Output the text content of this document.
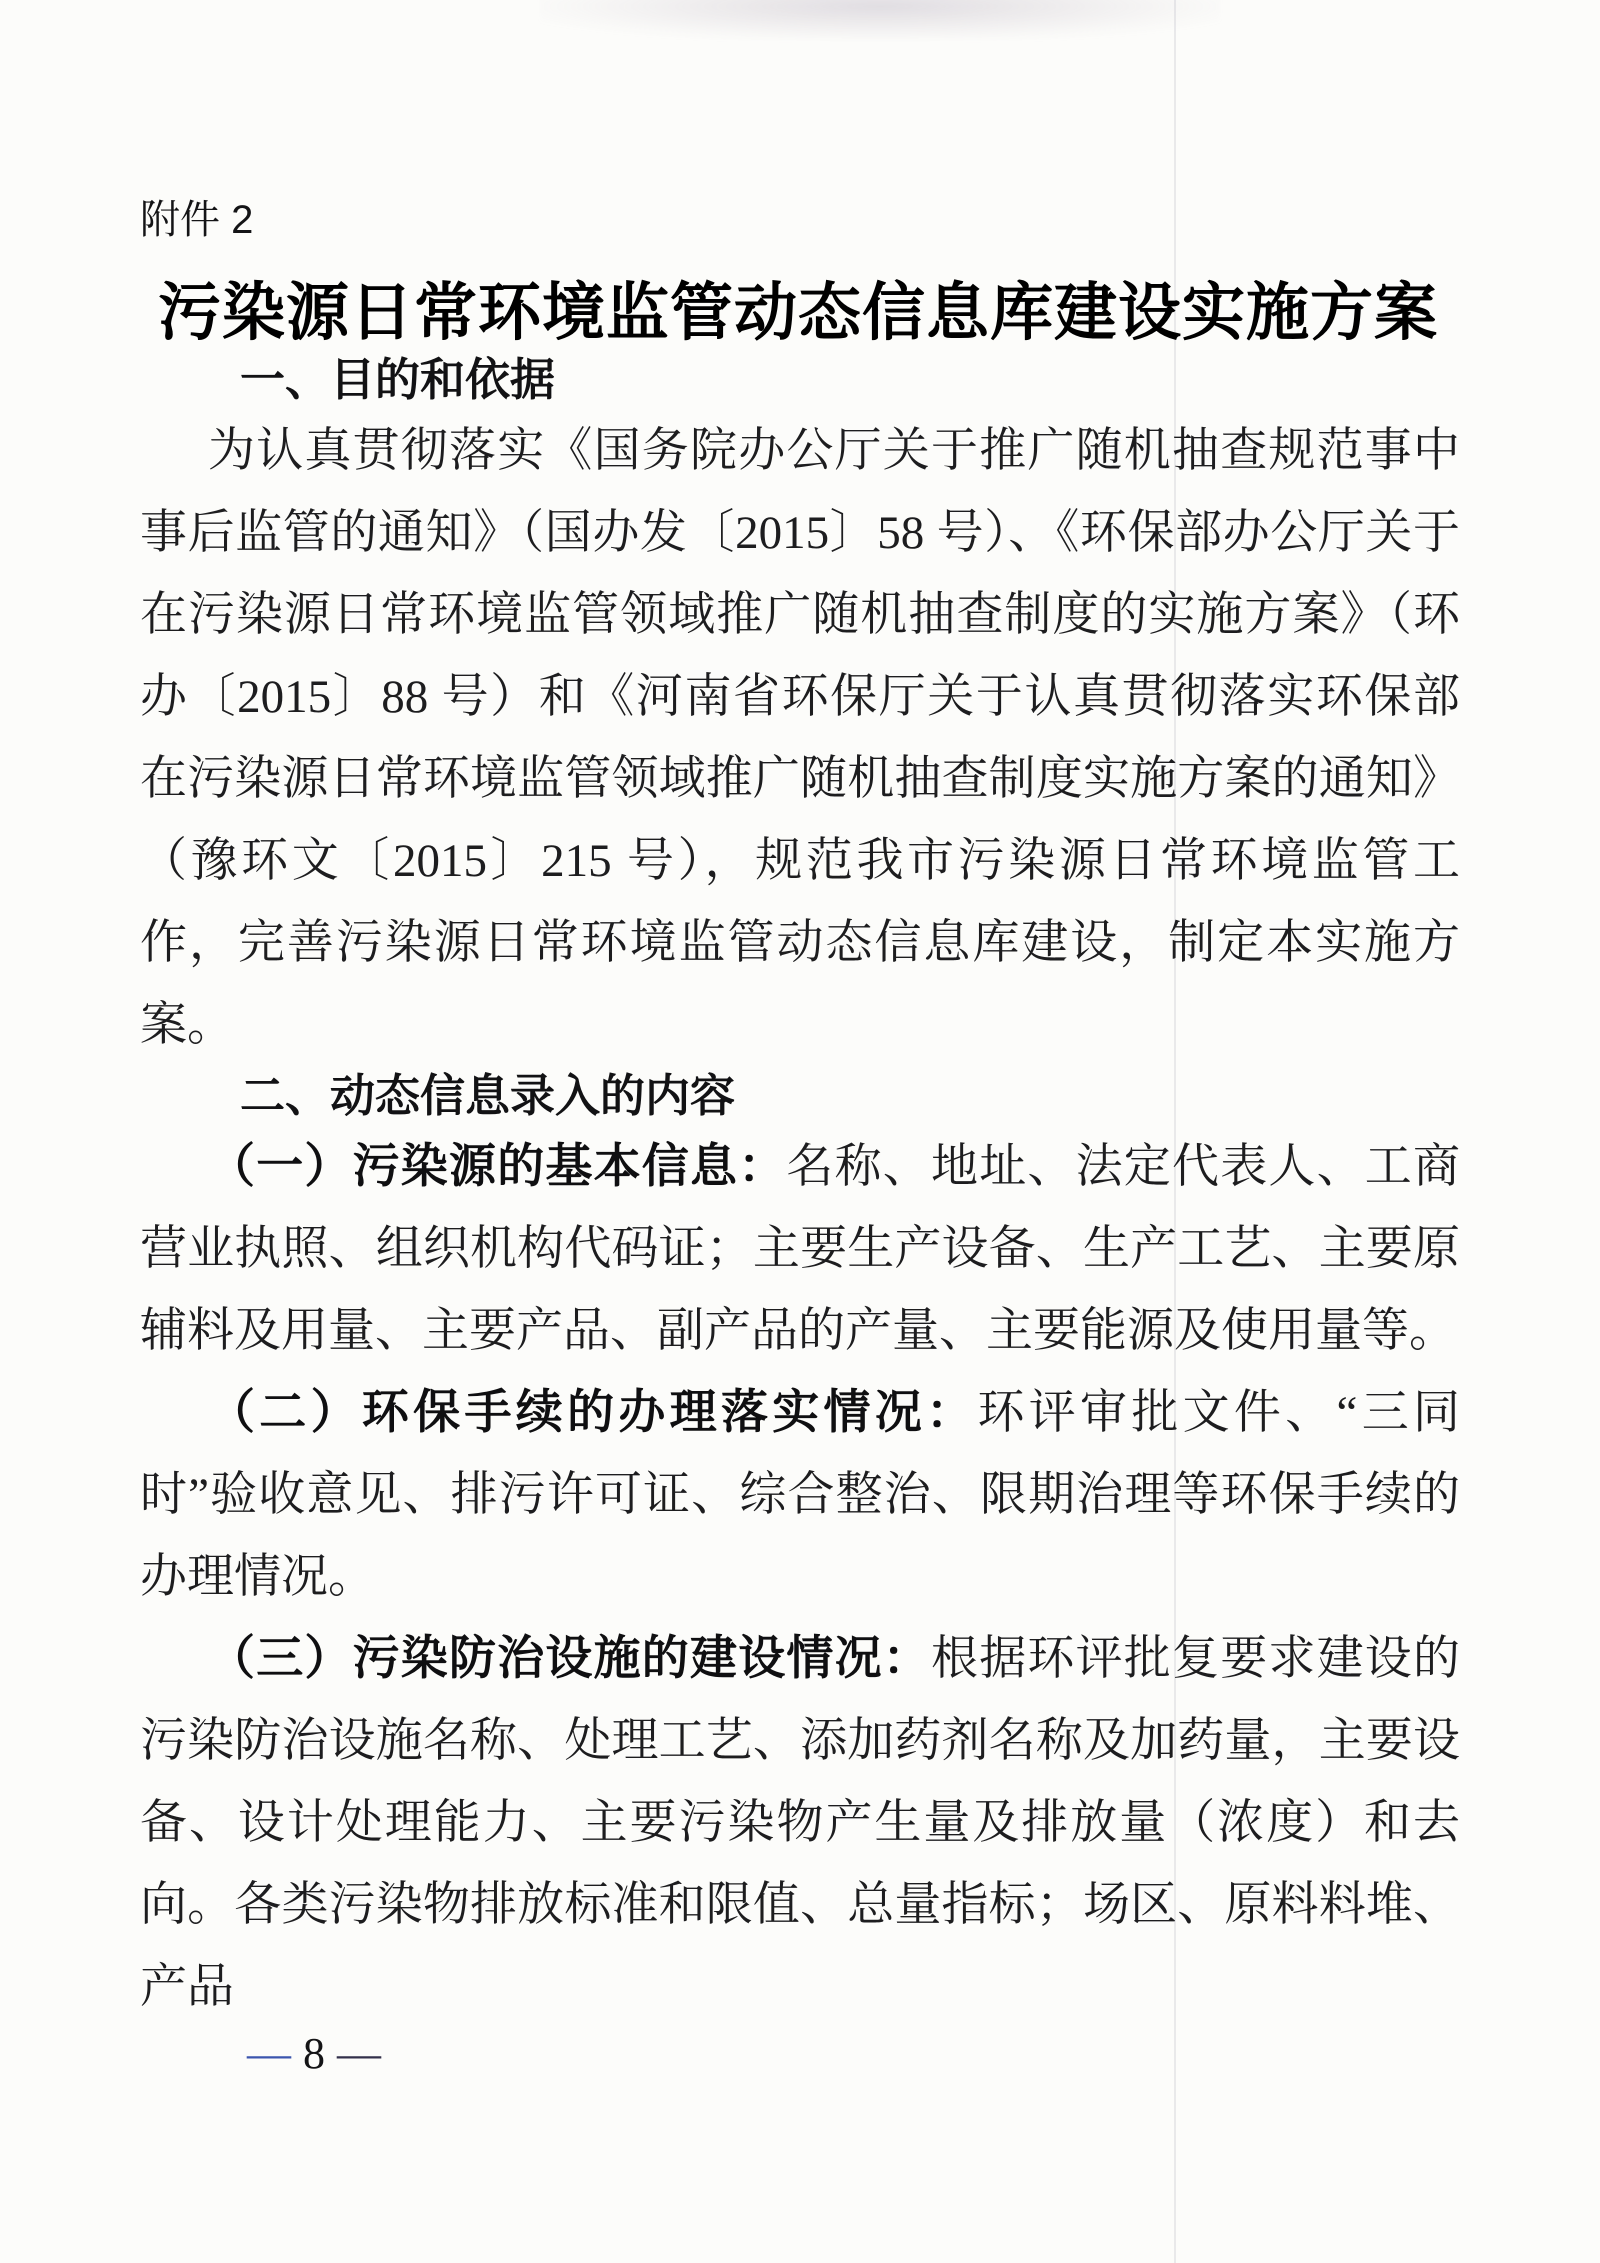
附件 2
污染源日常环境监管动态信息库建设实施方案
一、目的和依据

为认真贯彻落实《国务院办公厅关于推广随机抽查规范事中事后监管的通知》（国办发〔2015〕58 号）、《环保部办公厅关于在污染源日常环境监管领域推广随机抽查制度的实施方案》（环办〔2015〕88 号）和《河南省环保厅关于认真贯彻落实环保部在污染源日常环境监管领域推广随机抽查制度实施方案的通知》（豫环文〔2015〕215 号），规范我市污染源日常环境监管工作，完善污染源日常环境监管动态信息库建设，制定本实施方案。

二、动态信息录入的内容

（一）污染源的基本信息：名称、地址、法定代表人、工商营业执照、组织机构代码证；主要生产设备、生产工艺、主要原辅料及用量、主要产品、副产品的产量、主要能源及使用量等。

（二）环保手续的办理落实情况：环评审批文件、“三同时”验收意见、排污许可证、综合整治、限期治理等环保手续的办理情况。

（三）污染防治设施的建设情况：根据环评批复要求建设的污染防治设施名称、处理工艺、添加药剂名称及加药量，主要设备、设计处理能力、主要污染物产生量及排放量（浓度）和去向。各类污染物排放标准和限值、总量指标；场区、原料料堆、产品

— 8 —
